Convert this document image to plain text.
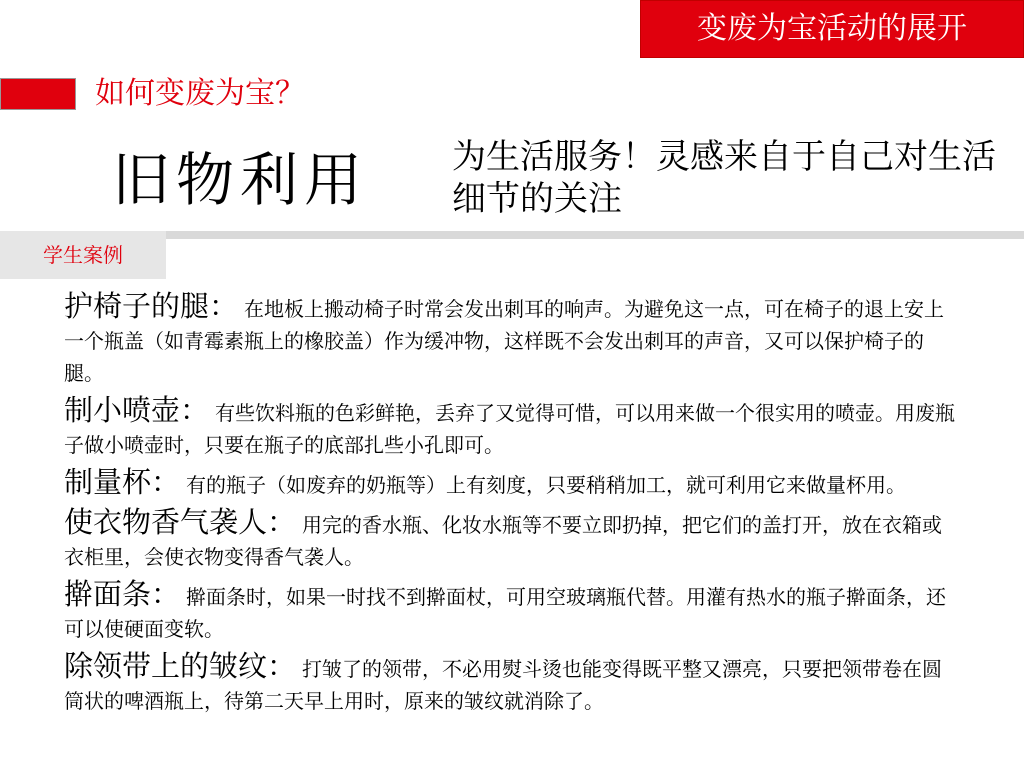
变废为宝活动的展开
如何变废为宝？
旧物利用 为生活服务！灵感来自于自己对生活细节的关注
学生案例
护椅子的腿： 在地板上搬动椅子时常会发出刺耳的响声。为避免这一点，可在椅子的退上安上一个瓶盖（如青霉素瓶上的橡胶盖）作为缓冲物，这样既不会发出刺耳的声音，又可以保护椅子的腿。
制小喷壶： 有些饮料瓶的色彩鲜艳，丢弃了又觉得可惜，可以用来做一个很实用的喷壶。用废瓶子做小喷壶时，只要在瓶子的底部扎些小孔即可。
制量杯： 有的瓶子（如废弃的奶瓶等）上有刻度，只要稍稍加工，就可利用它来做量杯用。
使衣物香气袭人： 用完的香水瓶、化妆水瓶等不要立即扔掉，把它们的盖打开，放在衣箱或衣柜里，会使衣物变得香气袭人。
擀面条： 擀面条时，如果一时找不到擀面杖，可用空玻璃瓶代替。用灌有热水的瓶子擀面条，还可以使硬面变软。
除领带上的皱纹： 打皱了的领带，不必用熨斗烫也能变得既平整又漂亮，只要把领带卷在圆筒状的啤酒瓶上，待第二天早上用时，原来的皱纹就消除了。
